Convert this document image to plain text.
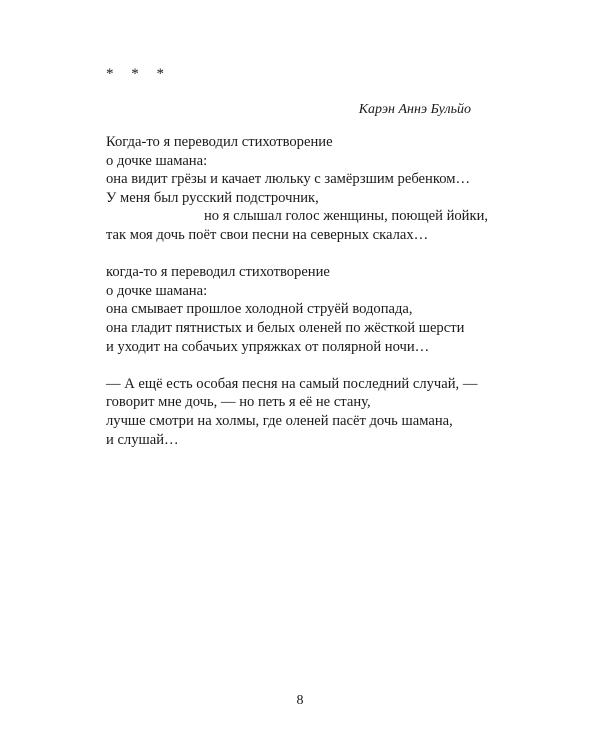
* * *
Карэн Аннэ Бульйо
Когда-то я переводил стихотворение
о дочке шамана:
она видит грёзы и качает люльку с замёрзшим ребенком…
У меня был русский подстрочник,
но я слышал голос женщины, поющей йойки,
так моя дочь поёт свои песни на северных скалах…
когда-то я переводил стихотворение
о дочке шамана:
она смывает прошлое холодной струёй водопада,
она гладит пятнистых и белых оленей по жёсткой шерсти
и уходит на собачьих упряжках от полярной ночи…
— А ещё есть особая песня на самый последний случай, —
говорит мне дочь, — но петь я её не стану,
лучше смотри на холмы, где оленей пасёт дочь шамана,
и слушай…
8
